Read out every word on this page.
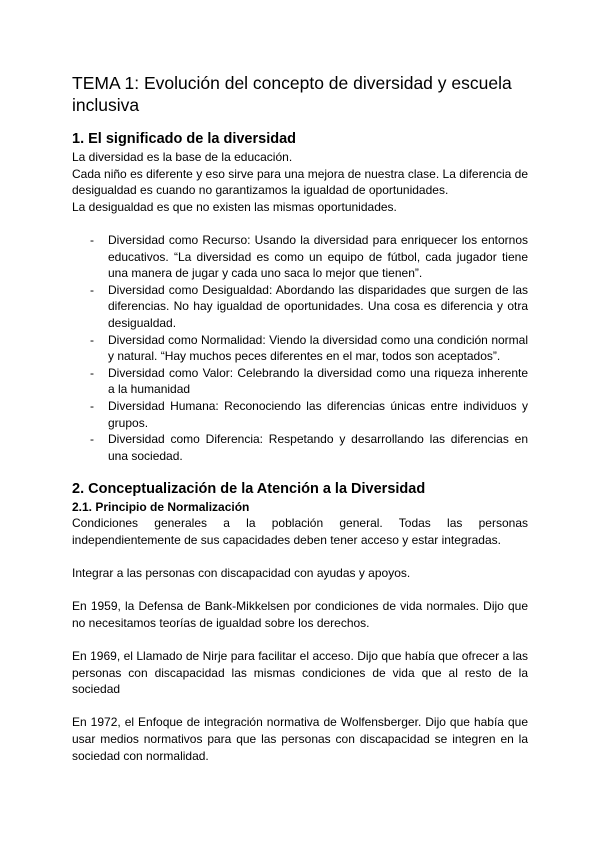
TEMA 1: Evolución del concepto de diversidad y escuela inclusiva
1. El significado de la diversidad

La diversidad es la base de la educación.

Cada niño es diferente y eso sirve para una mejora de nuestra clase. La diferencia de desigualdad es cuando no garantizamos la igualdad de oportunidades.

La desigualdad es que no existen las mismas oportunidades.

- Diversidad como Recurso: Usando la diversidad para enriquecer los entornos educativos. “La diversidad es como un equipo de fútbol, cada jugador tiene una manera de jugar y cada uno saca lo mejor que tienen”.
- Diversidad como Desigualdad: Abordando las disparidades que surgen de las diferencias. No hay igualdad de oportunidades. Una cosa es diferencia y otra desigualdad.
- Diversidad como Normalidad: Viendo la diversidad como una condición normal y natural. “Hay muchos peces diferentes en el mar, todos son aceptados”.
- Diversidad como Valor: Celebrando la diversidad como una riqueza inherente a la humanidad
- Diversidad Humana: Reconociendo las diferencias únicas entre individuos y grupos.
- Diversidad como Diferencia: Respetando y desarrollando las diferencias en una sociedad.
2. Conceptualización de la Atención a la Diversidad
2.1. Principio de Normalización

Condiciones generales a la población general. Todas las personas independientemente de sus capacidades deben tener acceso y estar integradas.

Integrar a las personas con discapacidad con ayudas y apoyos.

En 1959, la Defensa de Bank-Mikkelsen por condiciones de vida normales. Dijo que no necesitamos teorías de igualdad sobre los derechos.

En 1969, el Llamado de Nirje para facilitar el acceso. Dijo que había que ofrecer a las personas con discapacidad las mismas condiciones de vida que al resto de la sociedad

En 1972, el Enfoque de integración normativa de Wolfensberger. Dijo que había que usar medios normativos para que las personas con discapacidad se integren en la sociedad con normalidad.
